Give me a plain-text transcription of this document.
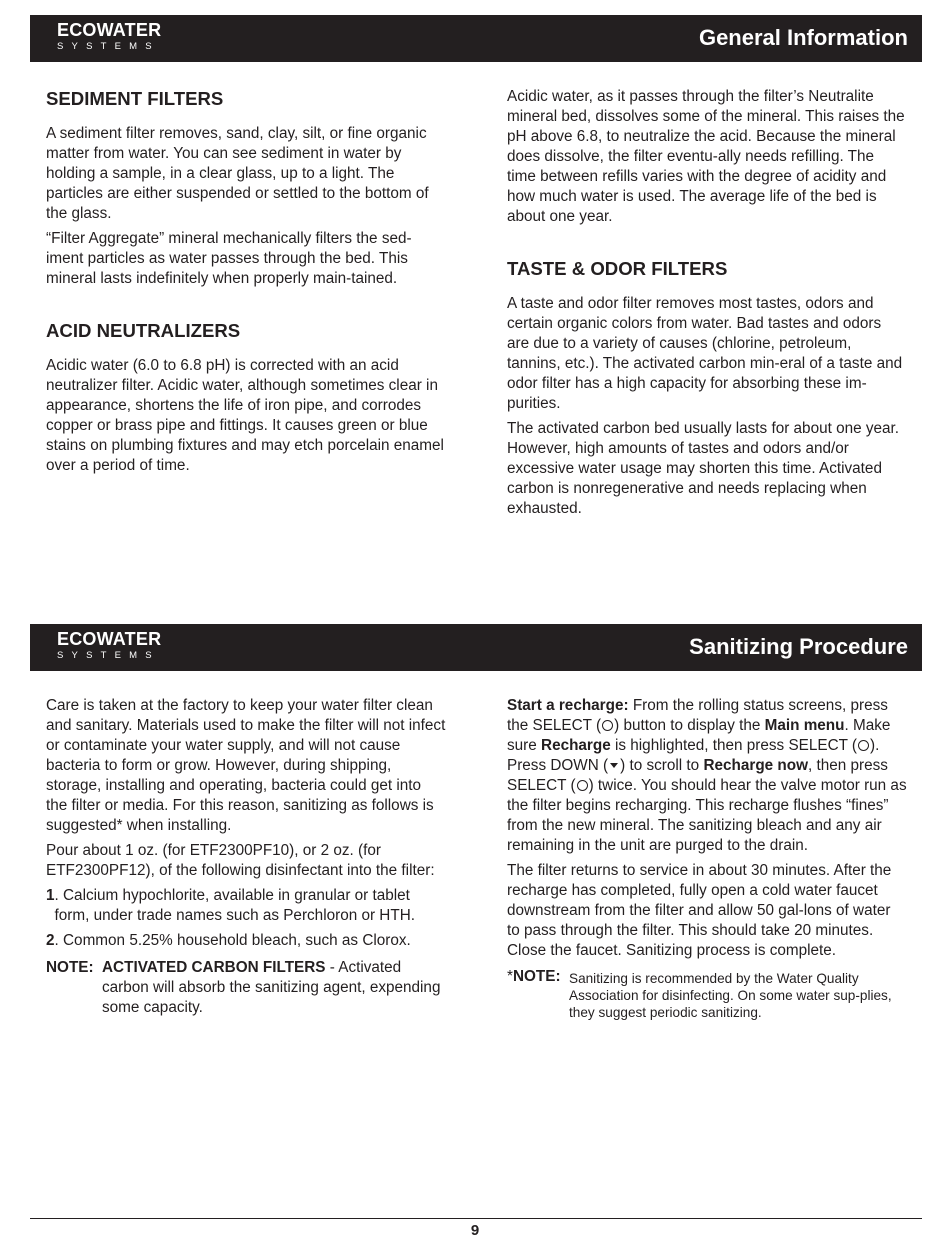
ECOWATER
SYSTEMS	General Information
SEDIMENT FILTERS

A sediment filter removes, sand, clay, silt, or fine organic matter from water. You can see sediment in water by holding a sample, in a clear glass, up to a light. The particles are either suspended or settled to the bottom of the glass.

“Filter Aggregate” mineral mechanically filters the sed-iment particles as water passes through the bed. This mineral lasts indefinitely when properly main-tained.

ACID NEUTRALIZERS

Acidic water (6.0 to 6.8 pH) is corrected with an acid neutralizer filter. Acidic water, although sometimes clear in appearance, shortens the life of iron pipe, and corrodes copper or brass pipe and fittings. It causes green or blue stains on plumbing fixtures and may etch porcelain enamel over a period of time.

Acidic water, as it passes through the filter’s Neutralite mineral bed, dissolves some of the mineral. This raises the pH above 6.8, to neutralize the acid. Because the mineral does dissolve, the filter eventu-ally needs refilling. The time between refills varies with the degree of acidity and how much water is used. The average life of the bed is about one year.

TASTE & ODOR FILTERS

A taste and odor filter removes most tastes, odors and certain organic colors from water. Bad tastes and odors are due to a variety of causes (chlorine, petroleum, tannins, etc.). The activated carbon min-eral of a taste and odor filter has a high capacity for absorbing these im-purities.

The activated carbon bed usually lasts for about one year. However, high amounts of tastes and odors and/or excessive water usage may shorten this time. Activated carbon is nonregenerative and needs replacing when exhausted.

ECOWATER
SYSTEMS	Sanitizing Procedure

Care is taken at the factory to keep your water filter clean and sanitary. Materials used to make the filter will not infect or contaminate your water supply, and will not cause bacteria to form or grow. However, during shipping, storage, installing and operating, bacteria could get into the filter or media. For this reason, sanitizing as follows is suggested* when installing.

Pour about 1 oz. (for ETF2300PF10), or 2 oz. (for ETF2300PF12), of the following disinfectant into the filter:

1 . Calcium hypochlorite, available in granular or tablet form, under trade names such as Perchloron or HTH.
2 . Common 5.25% household bleach, such as Clorox.
NOTE: ACTIVATED CARBON FILTERS - Activated carbon will absorb the sanitizing agent, expending some capacity.

Start a recharge: From the rolling status screens, press the SELECT ( ) button to display the Main menu. Make sure Recharge is highlighted, then press SELECT ( ). Press DOWN ( ) to scroll to Recharge now, then press SELECT ( ) twice. You should hear the valve motor run as the filter begins recharging. This recharge flushes “fines” from the new mineral. The sanitizing bleach and any air remaining in the unit are purged to the drain.

The filter returns to service in about 30 minutes. After the recharge has completed, fully open a cold water faucet downstream from the filter and allow 50 gal-lons of water to pass through the filter. This should take 20 minutes. Close the faucet. Sanitizing process is complete.

*NOTE: Sanitizing is recommended by the Water Quality Association for disinfecting. On some water sup-plies, they suggest periodic sanitizing.
9
